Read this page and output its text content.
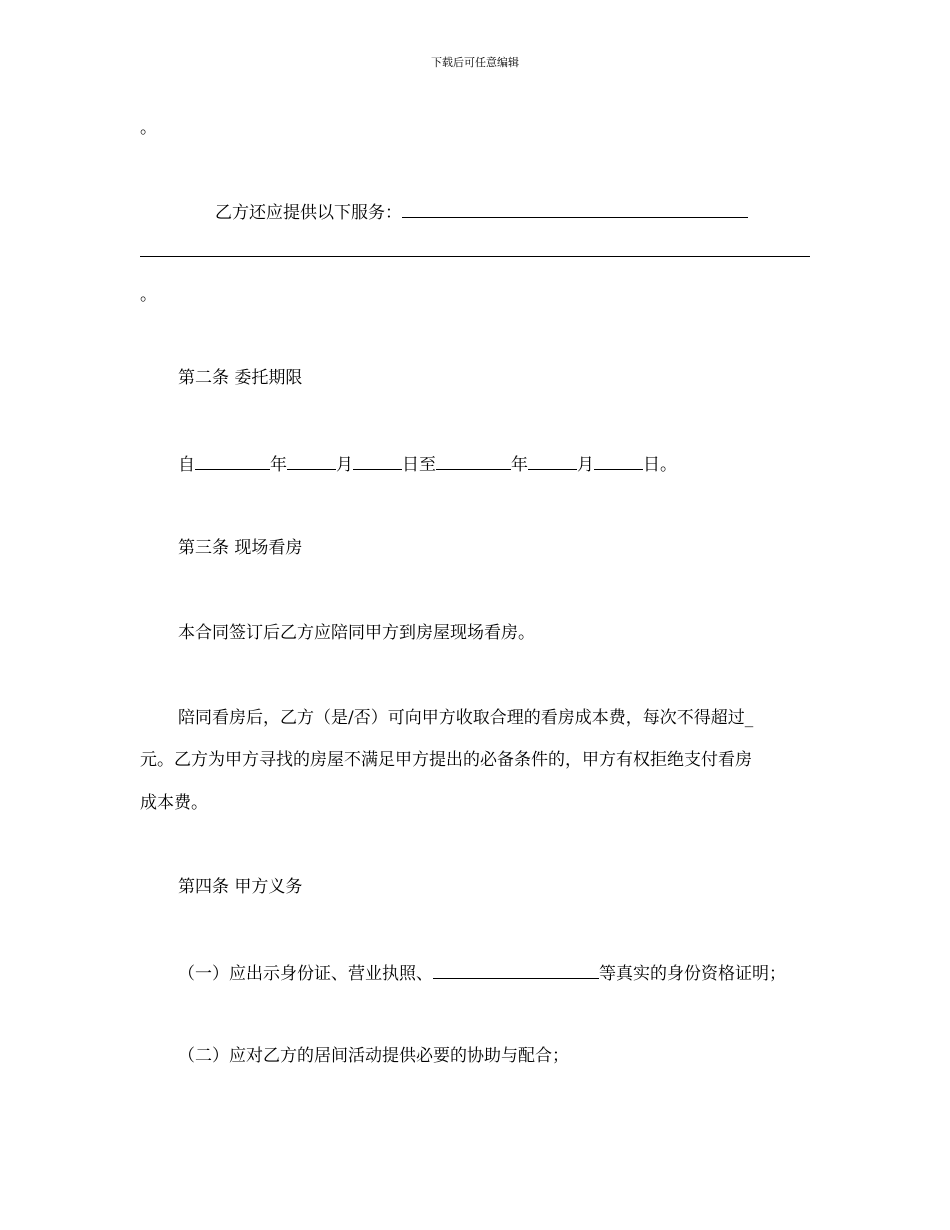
下载后可任意编辑
。
乙方还应提供以下服务：
。
第二条 委托期限
自	年	月	日至	年	月	日。
第三条 现场看房
本合同签订后乙方应陪同甲方到房屋现场看房。
陪同看房后，乙方（是/否）可向甲方收取合理的看房成本费，每次不得超过_
元。乙方为甲方寻找的房屋不满足甲方提出的必备条件的，甲方有权拒绝支付看房
成本费。
第四条 甲方义务
（一）应出示身份证、营业执照、	等真实的身份资格证明；
（二）应对乙方的居间活动提供必要的协助与配合；
